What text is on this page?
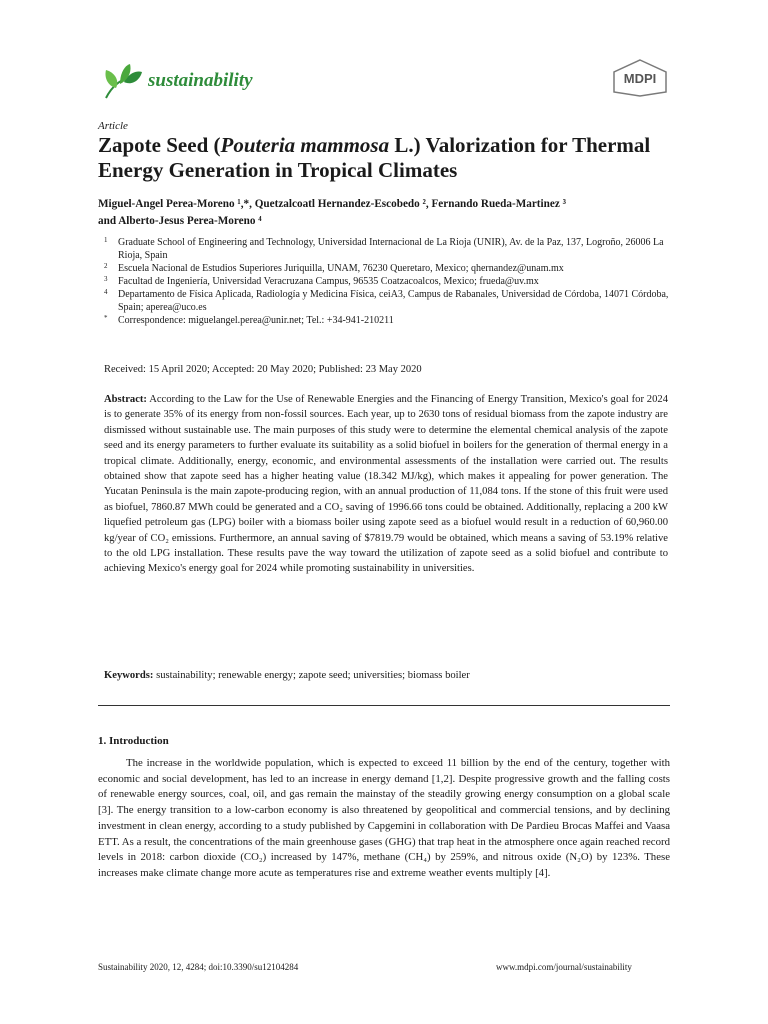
sustainability	MDPI
Article
Zapote Seed (Pouteria mammosa L.) Valorization for Thermal Energy Generation in Tropical Climates
Miguel-Angel Perea-Moreno ¹,*, Quetzalcoatl Hernandez-Escobedo ², Fernando Rueda-Martinez ³
and Alberto-Jesus Perea-Moreno ⁴
1 Graduate School of Engineering and Technology, Universidad Internacional de La Rioja (UNIR), Av. de la Paz, 137, Logroño, 26006 La Rioja, Spain
2 Escuela Nacional de Estudios Superiores Juriquilla, UNAM, 76230 Queretaro, Mexico; qhernandez@unam.mx
3 Facultad de Ingeniería, Universidad Veracruzana Campus, 96535 Coatzacoalcos, Mexico; frueda@uv.mx
4 Departamento de Física Aplicada, Radiología y Medicina Física, ceiA3, Campus de Rabanales, Universidad de Córdoba, 14071 Córdoba, Spain; aperea@uco.es
* Correspondence: miguelangel.perea@unir.net; Tel.: +34-941-210211
Received: 15 April 2020; Accepted: 20 May 2020; Published: 23 May 2020
Abstract: According to the Law for the Use of Renewable Energies and the Financing of Energy Transition, Mexico's goal for 2024 is to generate 35% of its energy from non-fossil sources. Each year, up to 2630 tons of residual biomass from the zapote industry are dismissed without sustainable use. The main purposes of this study were to determine the elemental chemical analysis of the zapote seed and its energy parameters to further evaluate its suitability as a solid biofuel in boilers for the generation of thermal energy in a tropical climate. Additionally, energy, economic, and environmental assessments of the installation were carried out. The results obtained show that zapote seed has a higher heating value (18.342 MJ/kg), which makes it appealing for power generation. The Yucatan Peninsula is the main zapote-producing region, with an annual production of 11,084 tons. If the stone of this fruit were used as biofuel, 7860.87 MWh could be generated and a CO₂ saving of 1996.66 tons could be obtained. Additionally, replacing a 200 kW liquefied petroleum gas (LPG) boiler with a biomass boiler using zapote seed as a biofuel would result in a reduction of 60,960.00 kg/year of CO₂ emissions. Furthermore, an annual saving of $7819.79 would be obtained, which means a saving of 53.19% relative to the old LPG installation. These results pave the way toward the utilization of zapote seed as a solid biofuel and contribute to achieving Mexico's energy goal for 2024 while promoting sustainability in universities.
Keywords: sustainability; renewable energy; zapote seed; universities; biomass boiler
1. Introduction
The increase in the worldwide population, which is expected to exceed 11 billion by the end of the century, together with economic and social development, has led to an increase in energy demand [1,2]. Despite progressive growth and the falling costs of renewable energy sources, coal, oil, and gas remain the mainstay of the steadily growing energy consumption on a global scale [3]. The energy transition to a low-carbon economy is also threatened by geopolitical and commercial tensions, and by declining investment in clean energy, according to a study published by Capgemini in collaboration with De Pardieu Brocas Maffei and Vaasa ETT. As a result, the concentrations of the main greenhouse gases (GHG) that trap heat in the atmosphere once again reached record levels in 2018: carbon dioxide (CO₂) increased by 147%, methane (CH₄) by 259%, and nitrous oxide (N₂O) by 123%. These increases make climate change more acute as temperatures rise and extreme weather events multiply [4].
Sustainability 2020, 12, 4284; doi:10.3390/su12104284	www.mdpi.com/journal/sustainability
